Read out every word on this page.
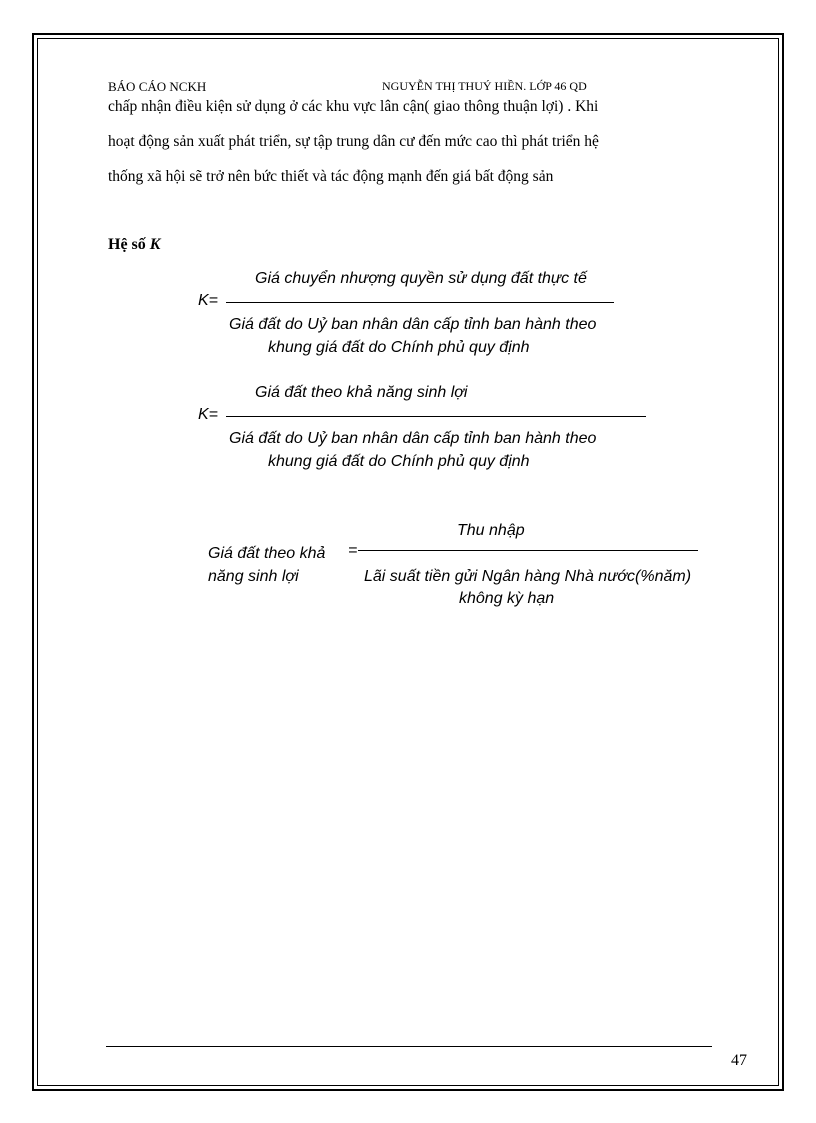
BÁO CÁO NCKH	NGUYỄN THỊ THUÝ HIỀN. LỚP 46 QD
chấp nhận điều kiện sử dụng ở các khu vực lân cận( giao thông thuận lợi) . Khi
hoạt động sản xuất phát triển, sự tập trung dân cư đến mức cao thì phát triển hệ
thống xã hội sẽ trở nên bức thiết và tác động mạnh đến giá bất động sản
Hệ số K
Giá chuyển nhượng quyền sử dụng đất thực tế
K=
Giá đất do Uỷ ban nhân dân cấp tỉnh ban hành theo
khung giá đất do Chính phủ quy định
Giá đất theo khả năng sinh lợi
K=
Giá đất do Uỷ ban nhân dân cấp tỉnh ban hành theo
khung giá đất do Chính phủ quy định
Thu nhập
Giá đất theo khả =
năng sinh lợi	Lãi suất tiền gửi Ngân hàng Nhà nước(%năm)
không kỳ hạn
47
